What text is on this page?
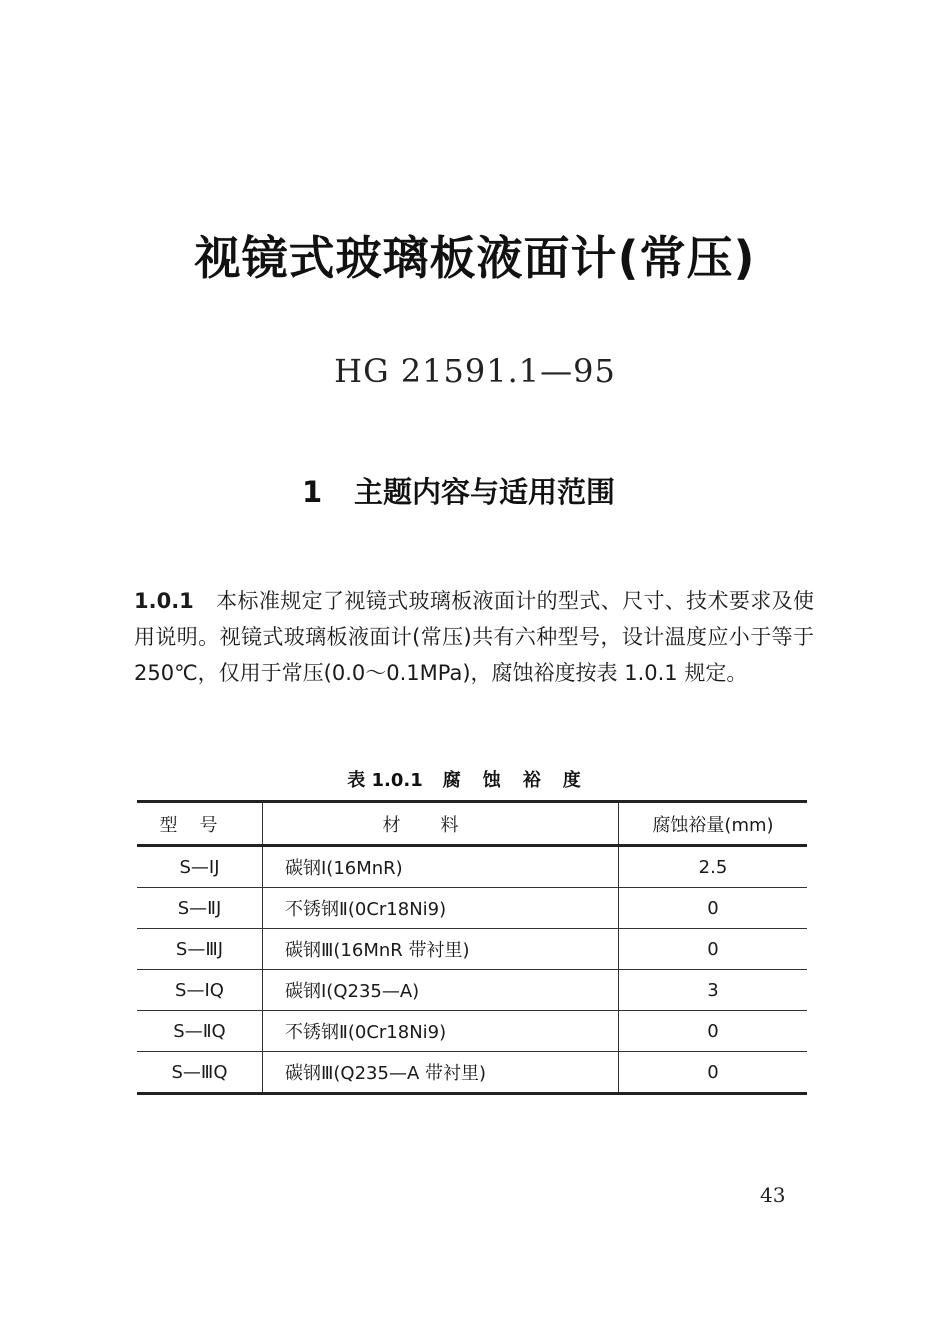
视镜式玻璃板液面计(常压)
HG 21591.1—95
1 主题内容与适用范围
1.0.1 本标准规定了视镜式玻璃板液面计的型式、尺寸、技术要求及使用说明。视镜式玻璃板液面计(常压)共有六种型号，设计温度应小于等于 250℃，仅用于常压(0.0～0.1MPa)，腐蚀裕度按表 1.0.1 规定。
表 1.0.1 腐蚀裕度
型号	材料	腐蚀裕量(mm)
S—ⅠJ	碳钢Ⅰ(16MnR)	2.5
S—ⅡJ	不锈钢Ⅱ(0Cr18Ni9)	0
S—ⅢJ	碳钢Ⅲ(16MnR 带衬里)	0
S—ⅠQ	碳钢Ⅰ(Q235—A)	3
S—ⅡQ	不锈钢Ⅱ(0Cr18Ni9)	0
S—ⅢQ	碳钢Ⅲ(Q235—A 带衬里)	0
43
